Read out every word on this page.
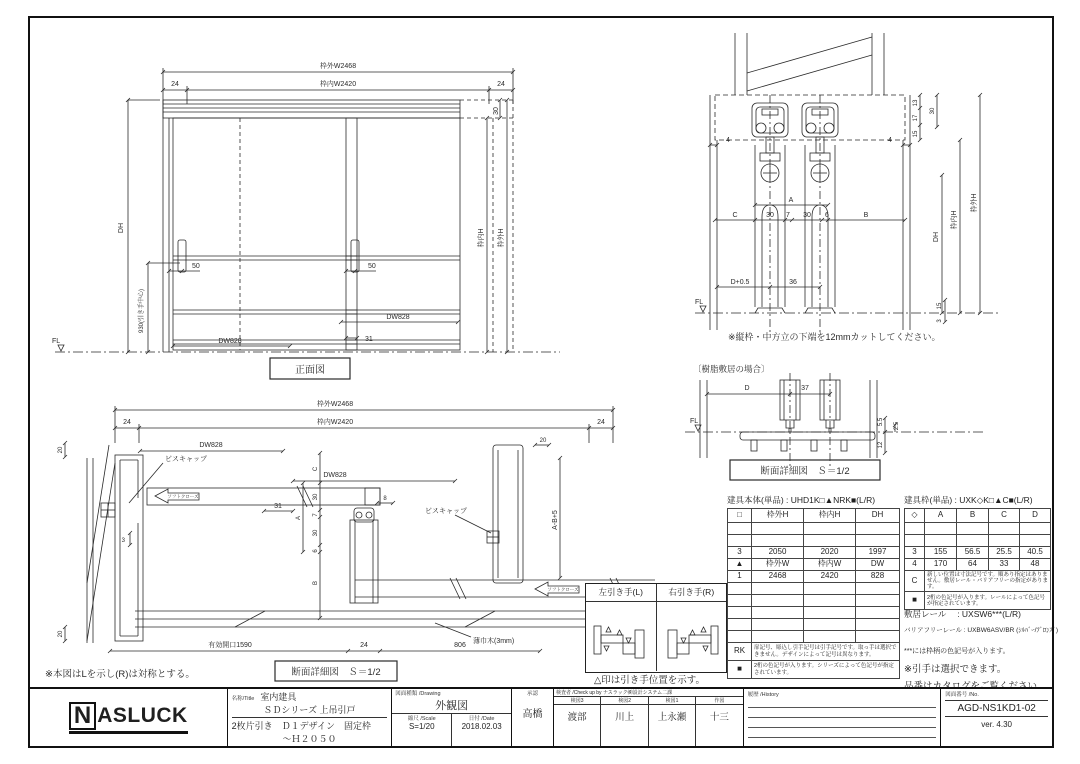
枠外W2468
枠内W2420
24	24
30
DH
930(引き手中心)
50	50
DW828
DW828	31
FL
枠内H 枠外H
正面図
4	4
13
17
15
30
A
C	30 7 30 6	B
D+0.5	36
FL
DH
枠内H
枠外H
15
3
※縦枠・中方立の下端を12mmカットしてください。
〔樹脂敷居の場合〕
D	37
FL	5.5 2.5
12
断面詳細図　Ｓ＝1/2
ソフトクローズ
ソフトクローズ
枠外W2468
枠内W2420
24	24
20
20
ビスキャップ
ビスキャップ
DW828
DW828
31
3
8
C
30
7
A
30
6
B
20
A-B+5
薄巾木(3mm)
有効開口1590	24	806
断面詳細図　Ｓ＝1/2
※本図はLを示し(R)は対称とする。
左引き手(L)	右引き手(R)
△印は引き手位置を示す。
建具本体(単品) : UHD1K□▲NRK■(L/R)
□	枠外H	枠内H	DH

3	2050	2020	1997
▲	枠外W	枠内W	DW
1	2468	2420	828

RK	扉記号、彫込し引手記号は引手記号です。取っ手は選択できません。デザインによって記号は異なります。		
■	2桁の色記号が入ります。シリーズによって色記号が指定されています。		
建具枠(単品) : UXK◇K□▲C■(L/R)
◇	A	B	C	D

3	155	56.5	25.5	40.5
4	170	64	33	48
C	新しい位置は寸法記号です。順あり指定はありません。敷居レール・バリアフリーの指定があります。			
■	2桁の色記号が入ります。レールによって色記号が指定されています。			
敷居レール　 : UXSW6***(L/R)
バリアフリーレール : UXBW6ASV/BR (ｼﾙﾊﾞｰ/ﾌﾞﾛﾝｽﾞ)
***には枠柄の色記号が入ります。
※引手は選択できます。
N ASLUCK
名称/Title 室内建具
ＳＤシリーズ 上吊引戸
2枚片引き　Ｄ１デザイン　固定枠
～Ｈ２０５０
図面種類 /Drawing
外観図
縮尺 /Scale
S=1/20
日付 /Date
2018.02.03
承認
高橋
検査者 /Check up by ナスラック㈱設計システム二課
検図3
渡部
検図2
川上
検図1
上永瀬
作図
十三
履歴 /History	図面番号 /No.
AGD-NS1KD1-02
ver. 4.30
